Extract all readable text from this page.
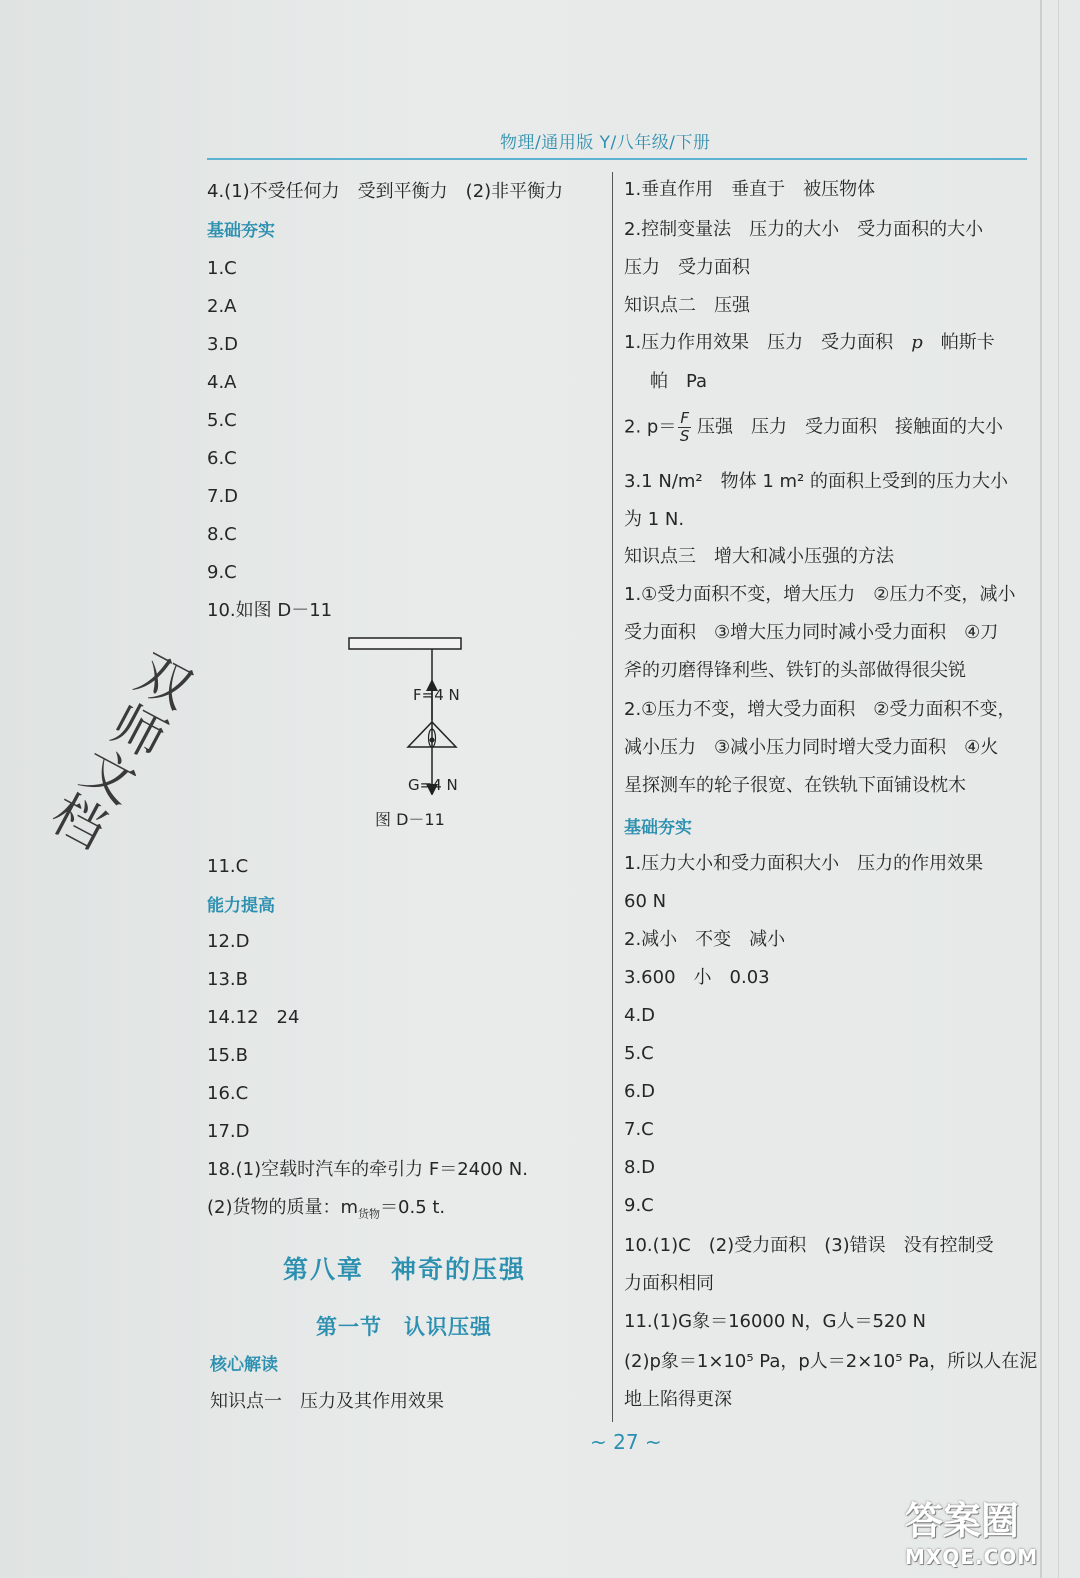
物理/通用版 Y/八年级/下册
4.(1)不受任何力　受到平衡力　(2)非平衡力
基础夯实
1.C
2.A
3.D
4.A
5.C
6.C
7.D
8.C
9.C
10.如图 D－11
F=4 N
G=4 N
图 D－11
11.C
能力提高
12.D
13.B
14.12　24
15.B
16.C
17.D
18.(1)空载时汽车的牵引力 F＝2400 N.
(2)货物的质量：$m_{货物}=0.5$ t.
第八章　神奇的压强
第一节　认识压强
核心解读
知识点一　压力及其作用效果
1.垂直作用　垂直于　被压物体
2.控制变量法　压力的大小　受力面积的大小
压力　受力面积
知识点二　压强
1.压力作用效果　压力　受力面积　p　帕斯卡
帕　Pa
2. $p= \frac{F}{S}$ 压强　压力　受力面积　接触面的大小
3.1 N/m²　物体 1 m² 的面积上受到的压力大小
为 1 N.
知识点三　增大和减小压强的方法
1.①受力面积不变，增大压力　②压力不变，减小
受力面积　③增大压力同时减小受力面积　④刀
斧的刃磨得锋利些、铁钉的头部做得很尖锐
2.①压力不变，增大受力面积　②受力面积不变，
减小压力　③减小压力同时增大受力面积　④火
星探测车的轮子很宽、在铁轨下面铺设枕木
基础夯实
1.压力大小和受力面积大小　压力的作用效果
60 N
2.减小　不变　减小
3.600　小　0.03
4.D
5.C
6.D
7.C
8.D
9.C
10.(1)C　(2)受力面积　(3)错误　没有控制受
力面积相同
11.(1)G象＝16000 N，G人＝520 N
(2)p象＝1×10⁵ Pa，p人＝2×10⁵ Pa，所以人在泥
地上陷得更深
~ 27 ~
双
师
文
档
答案圈
MXQE.COM
